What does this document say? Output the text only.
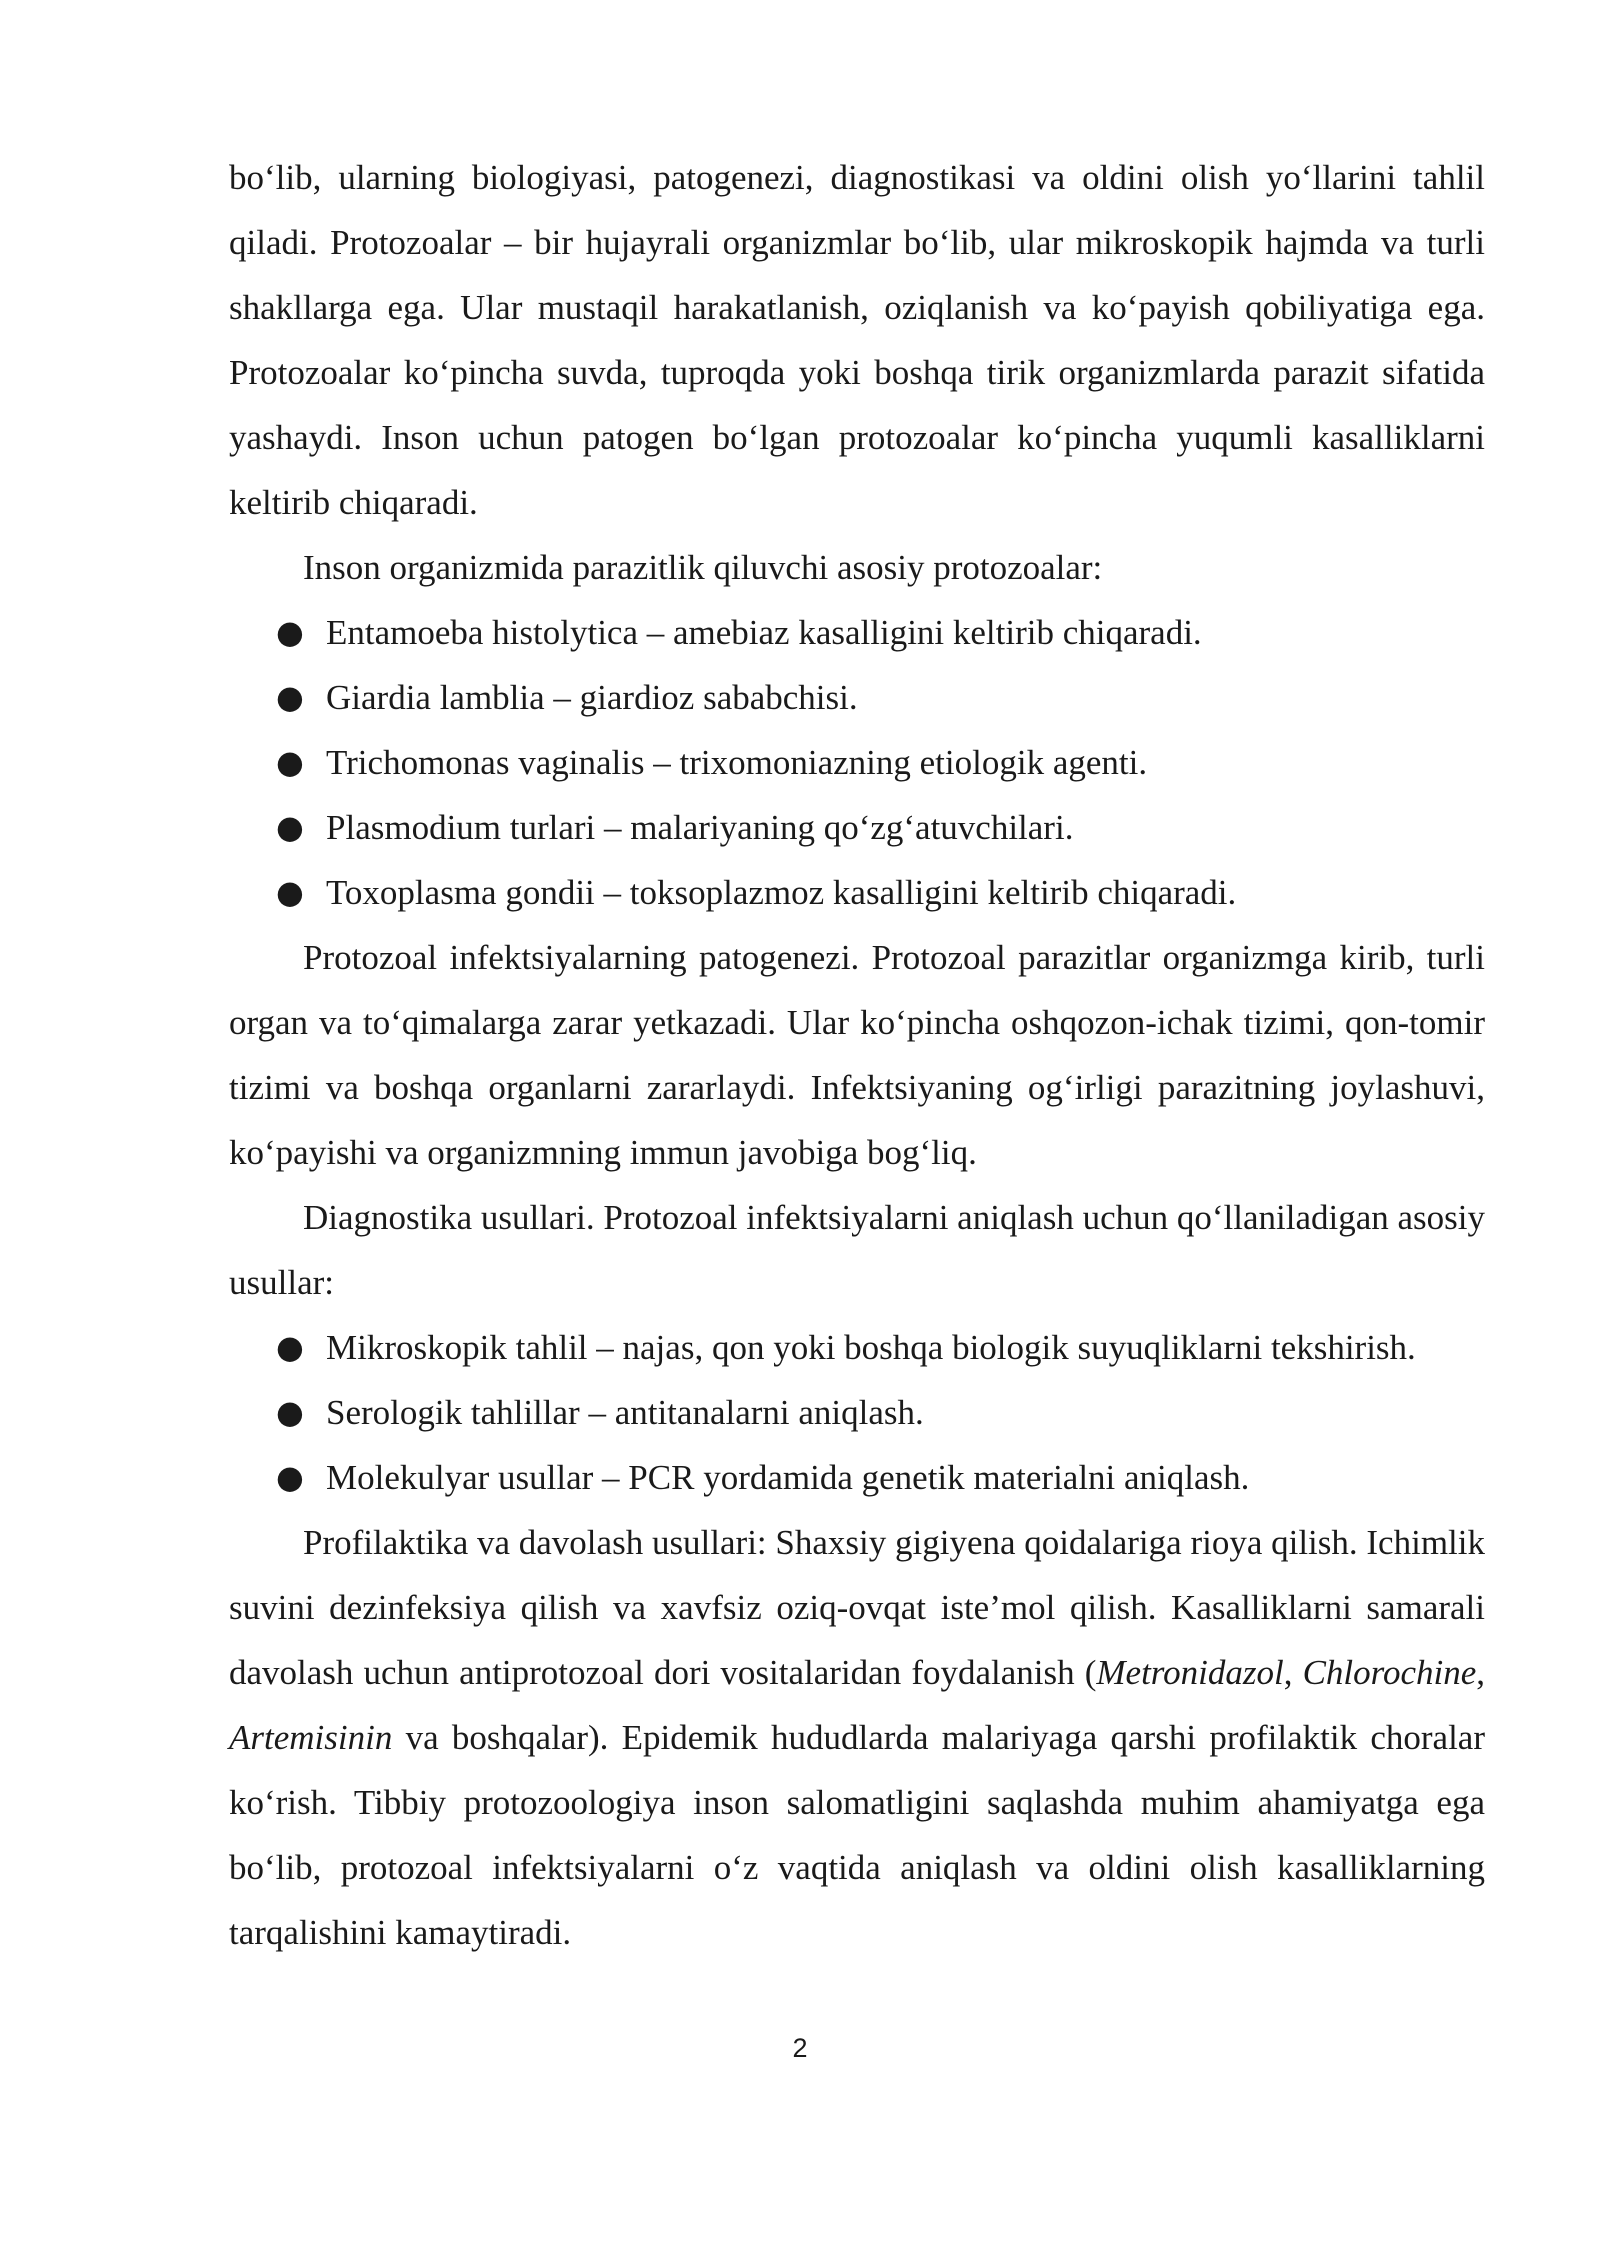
bo‘lib, ularning biologiyasi, patogenezi, diagnostikasi va oldini olish yo‘llarini tahlil qiladi. Protozoalar – bir hujayrali organizmlar bo‘lib, ular mikroskopik hajmda va turli shakllarga ega. Ular mustaqil harakatlanish, oziqlanish va ko‘payish qobiliyatiga ega. Protozoalar ko‘pincha suvda, tuproqda yoki boshqa tirik organizmlarda parazit sifatida yashaydi. Inson uchun patogen bo‘lgan protozoalar ko‘pincha yuqumli kasalliklarni keltirib chiqaradi.

Inson organizmida parazitlik qiluvchi asosiy protozoalar:

● Entamoeba histolytica – amebiaz kasalligini keltirib chiqaradi.
● Giardia lamblia – giardioz sababchisi.
● Trichomonas vaginalis – trixomoniazning etiologik agenti.
● Plasmodium turlari – malariyaning qo‘zg‘atuvchilari.
● Toxoplasma gondii – toksoplazmoz kasalligini keltirib chiqaradi.

Protozoal infektsiyalarning patogenezi. Protozoal parazitlar organizmga kirib, turli organ va to‘qimalarga zarar yetkazadi. Ular ko‘pincha oshqozon-ichak tizimi, qon-tomir tizimi va boshqa organlarni zararlaydi. Infektsiyaning og‘irligi parazitning joylashuvi, ko‘payishi va organizmning immun javobiga bog‘liq.

Diagnostika usullari. Protozoal infektsiyalarni aniqlash uchun qo‘llaniladigan asosiy usullar:

● Mikroskopik tahlil – najas, qon yoki boshqa biologik suyuqliklarni tekshirish.
● Serologik tahlillar – antitanalarni aniqlash.
● Molekulyar usullar – PCR yordamida genetik materialni aniqlash.

Profilaktika va davolash usullari: Shaxsiy gigiyena qoidalariga rioya qilish. Ichimlik suvini dezinfeksiya qilish va xavfsiz oziq-ovqat iste’mol qilish. Kasalliklarni samarali davolash uchun antiprotozoal dori vositalaridan foydalanish (Metronidazol, Chlorochine, Artemisinin va boshqalar). Epidemik hududlarda malariyaga qarshi profilaktik choralar ko‘rish. Tibbiy protozoologiya inson salomatligini saqlashda muhim ahamiyatga ega bo‘lib, protozoal infektsiyalarni o‘z vaqtida aniqlash va oldini olish kasalliklarning tarqalishini kamaytiradi.

2
